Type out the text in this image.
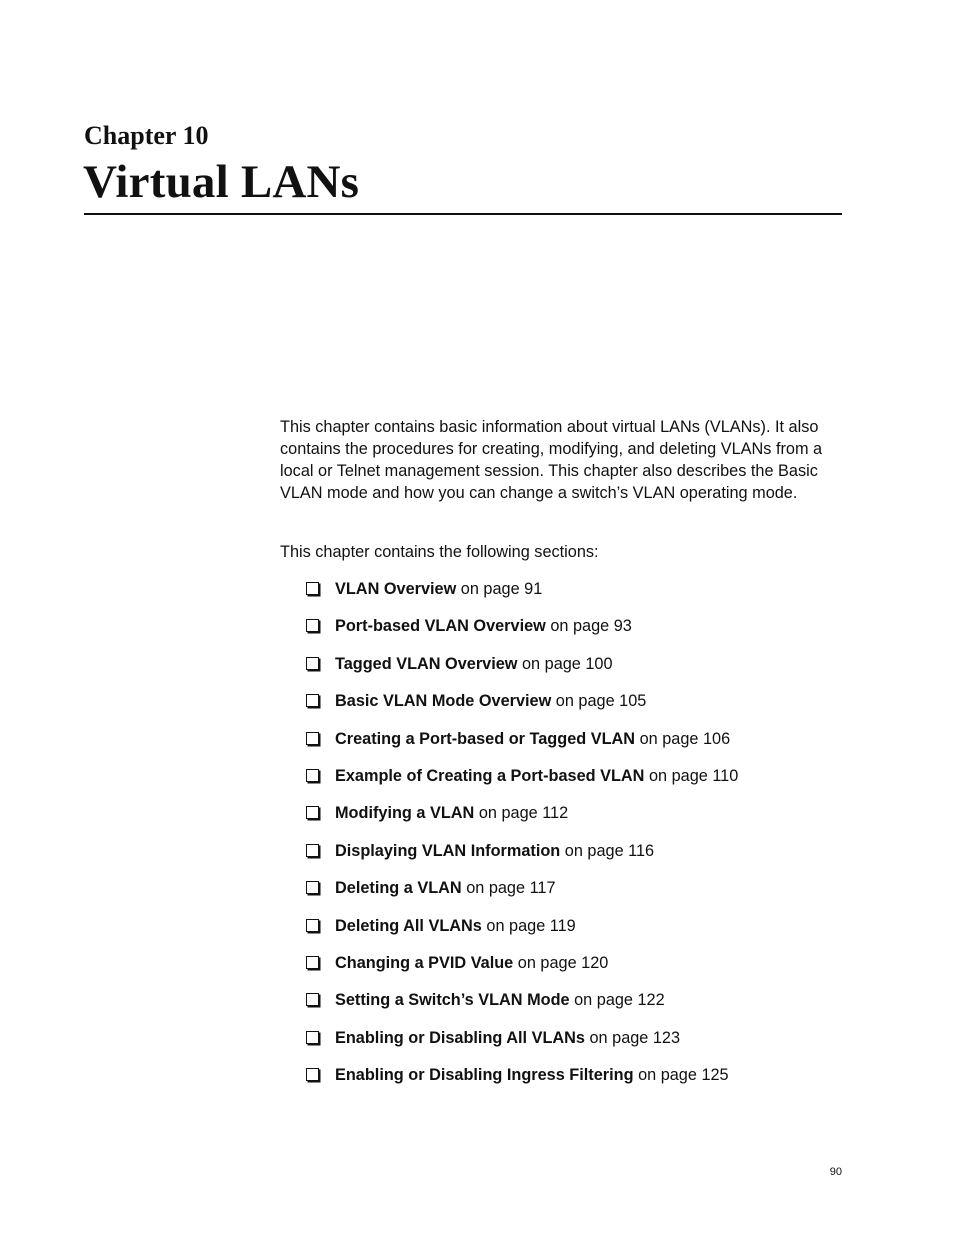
Chapter 10
Virtual LANs

This chapter contains basic information about virtual LANs (VLANs). It also contains the procedures for creating, modifying, and deleting VLANs from a local or Telnet management session. This chapter also describes the Basic VLAN mode and how you can change a switch’s VLAN operating mode.

This chapter contains the following sections:

VLAN Overview on page 91
Port-based VLAN Overview on page 93
Tagged VLAN Overview on page 100
Basic VLAN Mode Overview on page 105
Creating a Port-based or Tagged VLAN on page 106
Example of Creating a Port-based VLAN on page 110
Modifying a VLAN on page 112
Displaying VLAN Information on page 116
Deleting a VLAN on page 117
Deleting All VLANs on page 119
Changing a PVID Value on page 120
Setting a Switch’s VLAN Mode on page 122
Enabling or Disabling All VLANs on page 123
Enabling or Disabling Ingress Filtering on page 125
90
